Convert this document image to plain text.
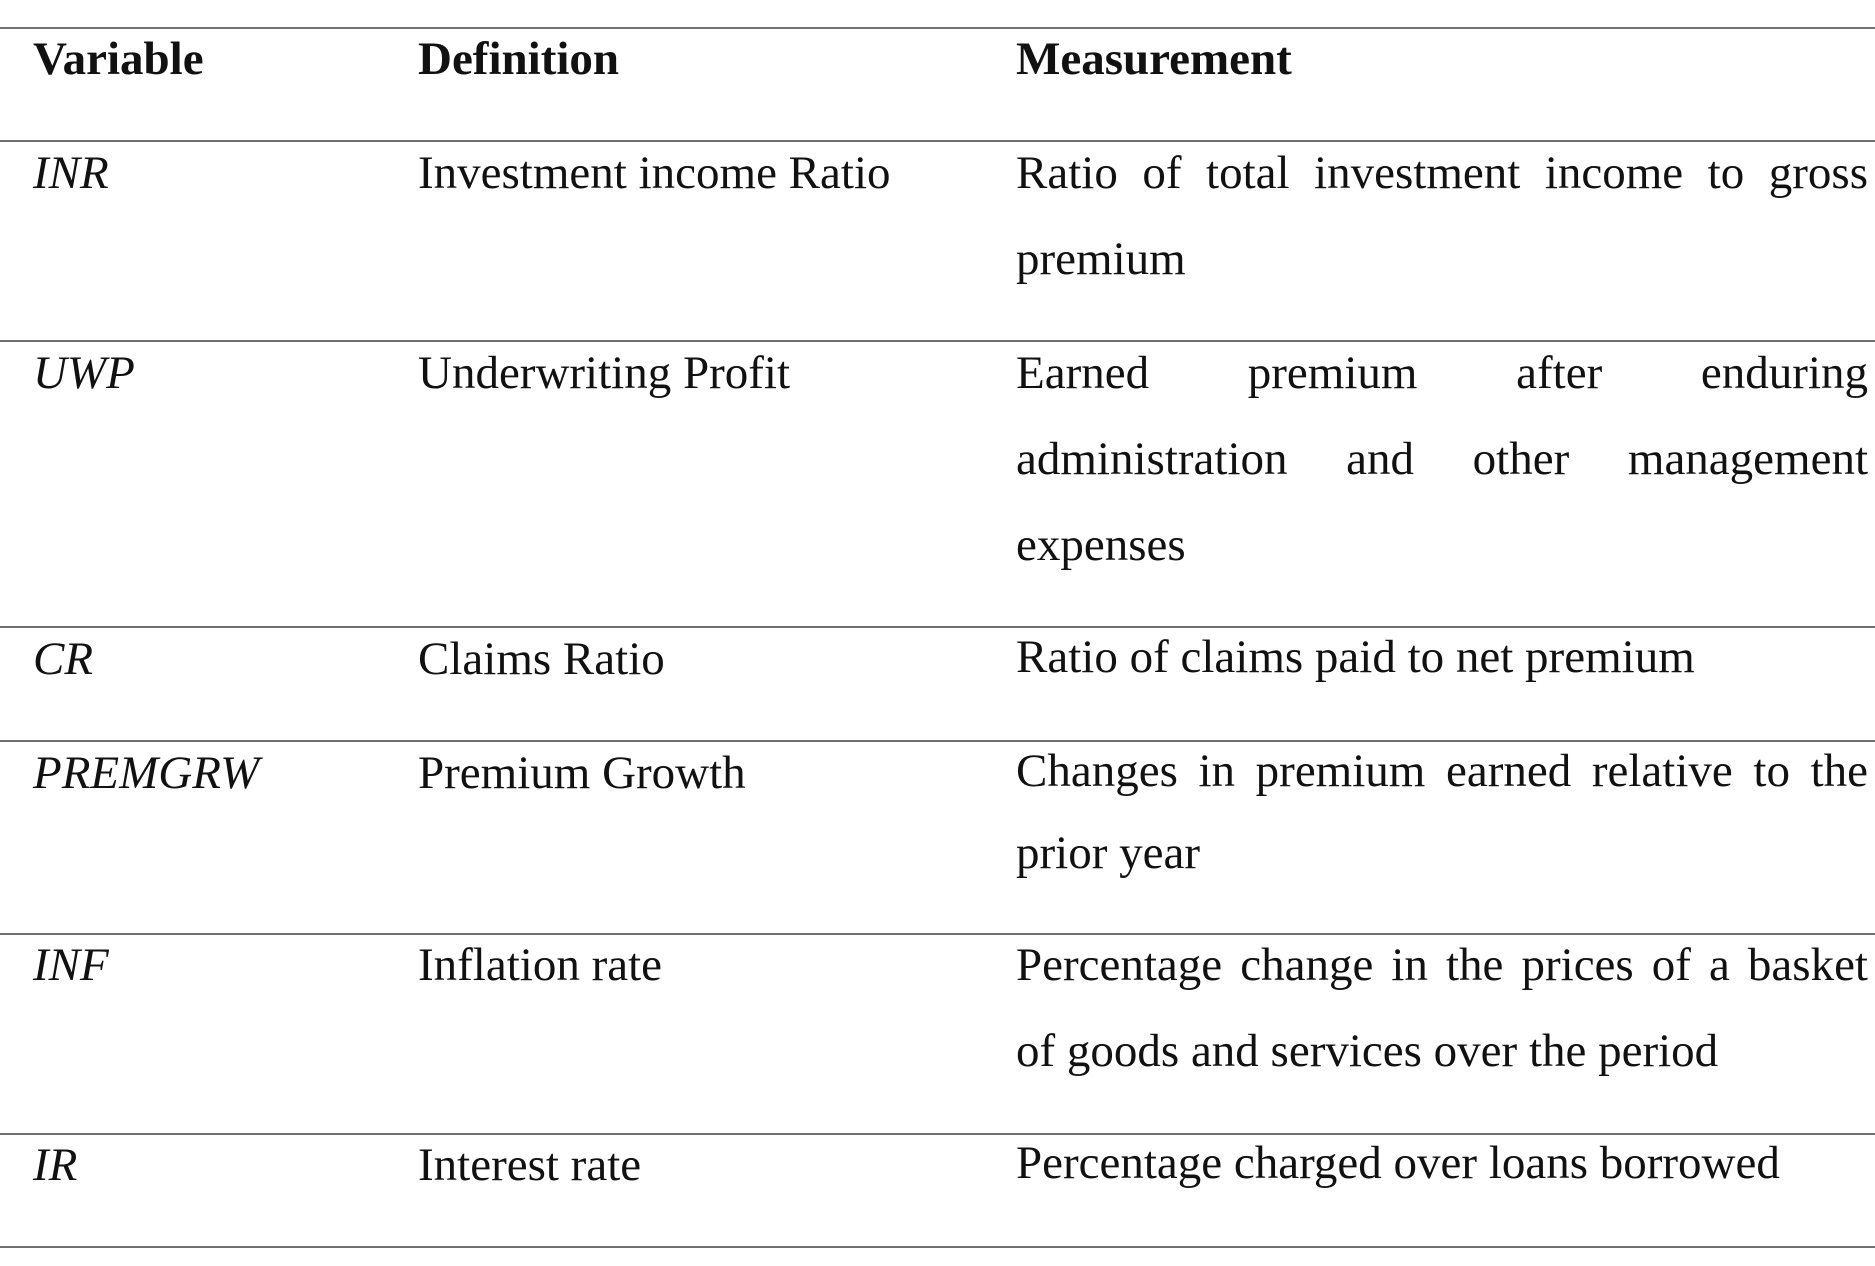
Variable	Definition	Measurement
INR	Investment income Ratio	Ratio of total investment income to gross
premium
UWP	Underwriting Profit	Earned premium after enduring
administration and other management
expenses
CR	Claims Ratio	Ratio of claims paid to net premium
PREMGRW	Premium Growth	Changes in premium earned relative to the
prior year
INF	Inflation rate	Percentage change in the prices of a basket
of goods and services over the period
IR	Interest rate	Percentage charged over loans borrowed
